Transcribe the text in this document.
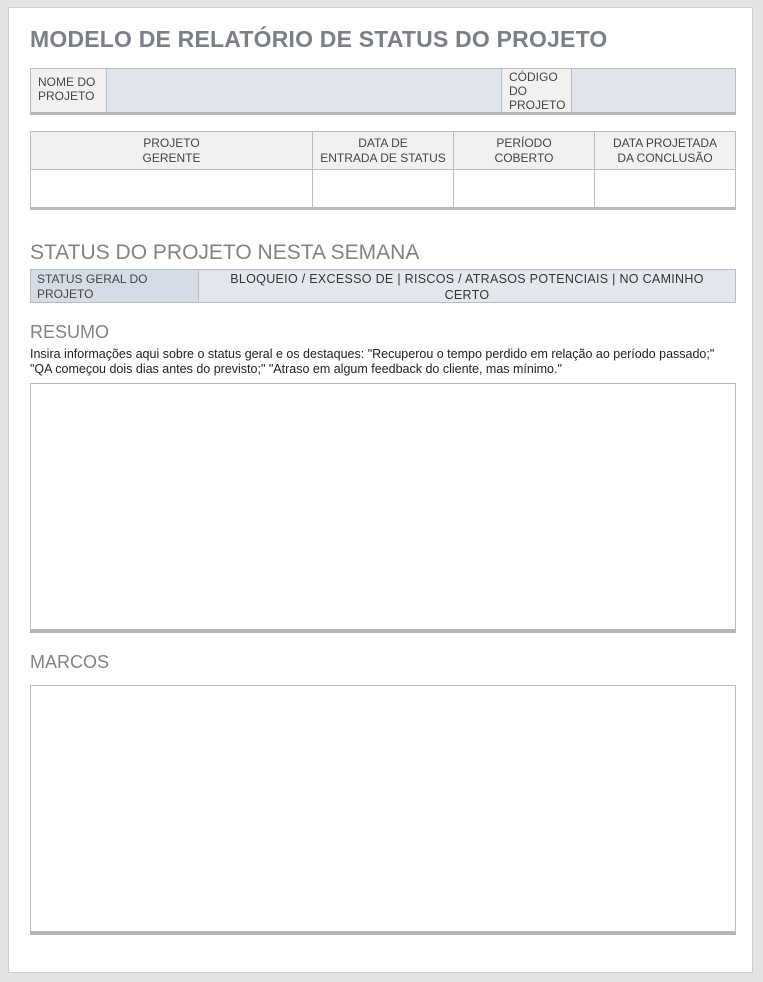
MODELO DE RELATÓRIO DE STATUS DO PROJETO
NOME DO
PROJETO
CÓDIGO
DO
PROJETO
PROJETO
GERENTE
DATA DE
ENTRADA DE STATUS
PERÍODO
COBERTO
DATA PROJETADA
DA CONCLUSÃO
STATUS DO PROJETO NESTA SEMANA
STATUS GERAL DO
PROJETO
BLOQUEIO / EXCESSO DE | RISCOS / ATRASOS POTENCIAIS | NO CAMINHO CERTO
RESUMO

Insira informações aqui sobre o status geral e os destaques: "Recuperou o tempo perdido em relação ao período passado;" "QA começou dois dias antes do previsto;" "Atraso em algum feedback do cliente, mas mínimo."

MARCOS
